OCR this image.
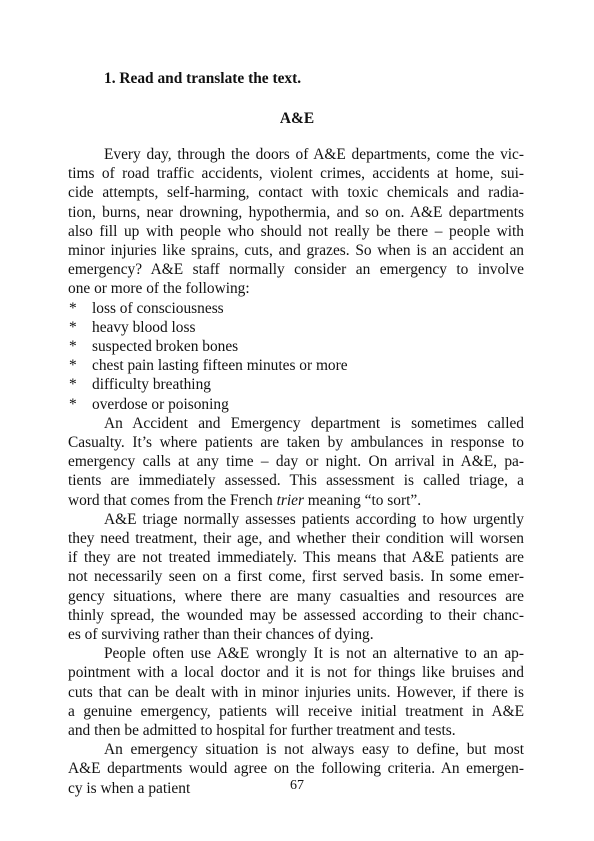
1. Read and translate the text.

A&E

Every day, through the doors of A&E departments, come the vic-
tims of road traffic accidents, violent crimes, accidents at home, sui-
cide attempts, self-harming, contact with toxic chemicals and radia-
tion, burns, near drowning, hypothermia, and so on. A&E departments
also fill up with people who should not really be there – people with
minor injuries like sprains, cuts, and grazes. So when is an accident an
emergency? A&E staff normally consider an emergency to involve
one or more of the following:

* loss of consciousness
* heavy blood loss
* suspected broken bones
* chest pain lasting fifteen minutes or more
* difficulty breathing
* overdose or poisoning

An Accident and Emergency department is sometimes called
Casualty. It’s where patients are taken by ambulances in response to
emergency calls at any time – day or night. On arrival in A&E, pa-
tients are immediately assessed. This assessment is called triage, a
word that comes from the French trier meaning “to sort”.

A&E triage normally assesses patients according to how urgently
they need treatment, their age, and whether their condition will worsen
if they are not treated immediately. This means that A&E patients are
not necessarily seen on a first come, first served basis. In some emer-
gency situations, where there are many casualties and resources are
thinly spread, the wounded may be assessed according to their chanc-
es of surviving rather than their chances of dying.

People often use A&E wrongly It is not an alternative to an ap-
pointment with a local doctor and it is not for things like bruises and
cuts that can be dealt with in minor injuries units. However, if there is
a genuine emergency, patients will receive initial treatment in A&E
and then be admitted to hospital for further treatment and tests.

An emergency situation is not always easy to define, but most
A&E departments would agree on the following criteria. An emergen-
cy is when a patient	67
